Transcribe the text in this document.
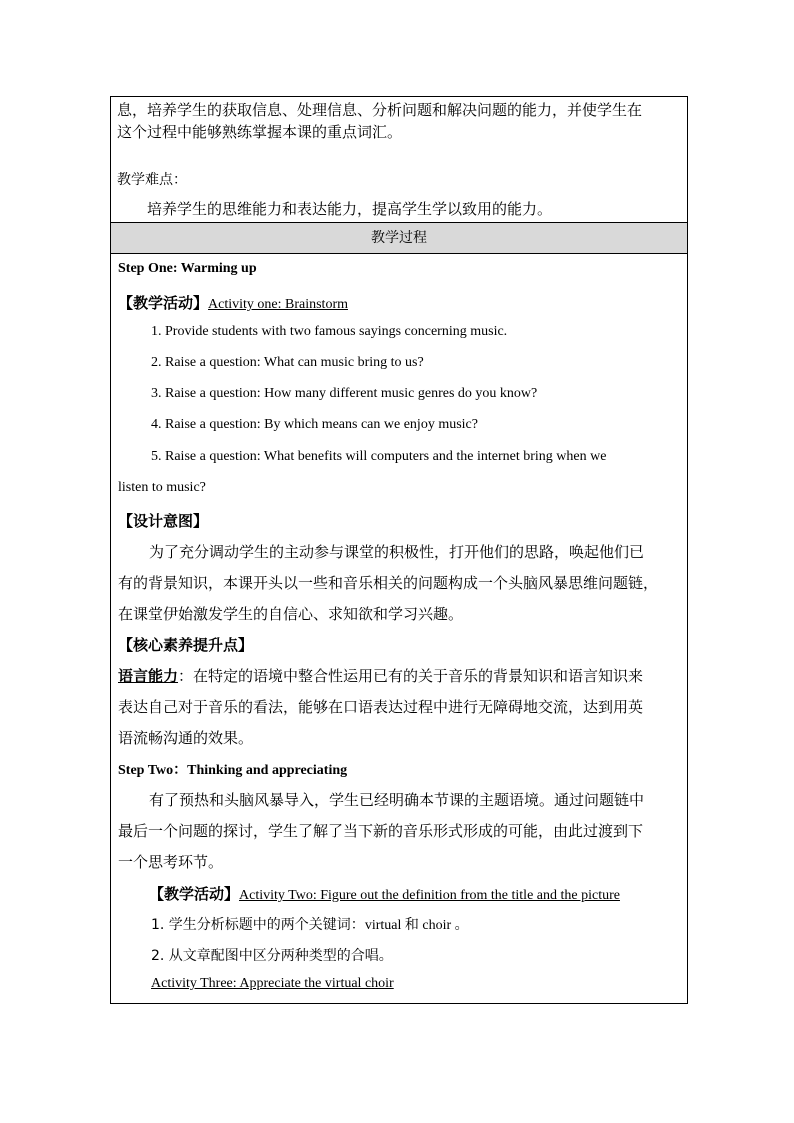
息，培养学生的获取信息、处理信息、分析问题和解决问题的能力，并使学生在
这个过程中能够熟练掌握本课的重点词汇。
教学难点：
培养学生的思维能力和表达能力，提高学生学以致用的能力。
教学过程
Step One: Warming up
【教学活动】Activity one: Brainstorm
1. Provide students with two famous sayings concerning music.
2. Raise a question: What can music bring to us?
3. Raise a question: How many different music genres do you know?
4. Raise a question: By which means can we enjoy music?
5. Raise a question: What benefits will computers and the internet bring when we
listen to music?
【设计意图】
为了充分调动学生的主动参与课堂的积极性，打开他们的思路，唤起他们已
有的背景知识，本课开头以一些和音乐相关的问题构成一个头脑风暴思维问题链，
在课堂伊始激发学生的自信心、求知欲和学习兴趣。
【核心素养提升点】
语言能力：在特定的语境中整合性运用已有的关于音乐的背景知识和语言知识来
表达自己对于音乐的看法，能够在口语表达过程中进行无障碍地交流，达到用英
语流畅沟通的效果。
Step Two：Thinking and appreciating
有了预热和头脑风暴导入，学生已经明确本节课的主题语境。通过问题链中
最后一个问题的探讨，学生了解了当下新的音乐形式形成的可能，由此过渡到下
一个思考环节。
【教学活动】Activity Two: Figure out the definition from the title and the picture
1. 学生分析标题中的两个关键词：virtual 和 choir 。
2. 从文章配图中区分两种类型的合唱。
Activity Three: Appreciate the virtual choir
